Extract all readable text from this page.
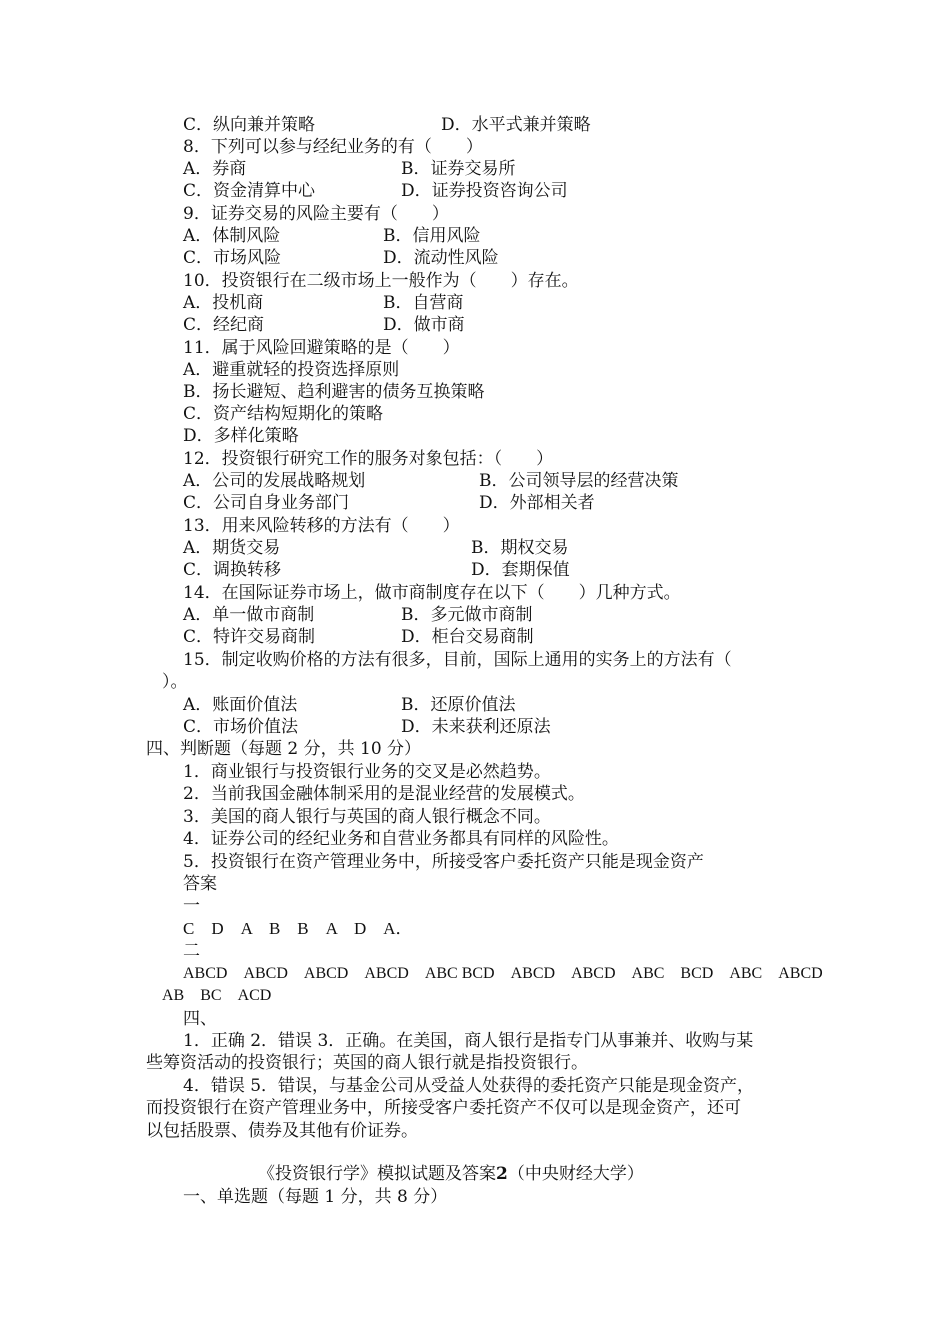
C．纵向兼并策略	D．水平式兼并策略
8．下列可以参与经纪业务的有（　　）
A．券商	B．证券交易所
C．资金清算中心	D．证券投资咨询公司
9．证券交易的风险主要有（　　）
A．体制风险	B．信用风险
C．市场风险	D．流动性风险
10．投资银行在二级市场上一般作为（　　）存在。
A．投机商	B．自营商
C．经纪商	D．做市商
11．属于风险回避策略的是（　　）
A．避重就轻的投资选择原则
B．扬长避短、趋利避害的债务互换策略
C．资产结构短期化的策略
D．多样化策略
12．投资银行研究工作的服务对象包括：（　　）
A．公司的发展战略规划	B．公司领导层的经营决策
C．公司自身业务部门	D．外部相关者
13．用来风险转移的方法有（　　）
A．期货交易	B．期权交易
C．调换转移	D．套期保值
14．在国际证券市场上，做市商制度存在以下（　　）几种方式。
A．单一做市商制	B．多元做市商制
C．特许交易商制	D．柜台交易商制
15．制定收购价格的方法有很多，目前，国际上通用的实务上的方法有（
）。
A．账面价值法	B．还原价值法
C．市场价值法	D．未来获利还原法
四、判断题（每题 2 分，共 10 分）
1．商业银行与投资银行业务的交叉是必然趋势。
2．当前我国金融体制采用的是混业经营的发展模式。
3．美国的商人银行与英国的商人银行概念不同。
4．证券公司的经纪业务和自营业务都具有同样的风险性。
5．投资银行在资产管理业务中，所接受客户委托资产只能是现金资产
答案
一
C　D　A　B　B　A　D　A．
二
ABCD　ABCD　ABCD　ABCD　ABC BCD　ABCD　ABCD　ABC　BCD　ABC　ABCD
AB　BC　ACD
四、
1．正确 2．错误 3．正确。在美国，商人银行是指专门从事兼并、收购与某
些筹资活动的投资银行；英国的商人银行就是指投资银行。
4．错误 5．错误，与基金公司从受益人处获得的委托资产只能是现金资产，
而投资银行在资产管理业务中，所接受客户委托资产不仅可以是现金资产，还可
以包括股票、债券及其他有价证券。
《投资银行学》模拟试题及答案2（中央财经大学）
一、单选题（每题 1 分，共 8 分）
